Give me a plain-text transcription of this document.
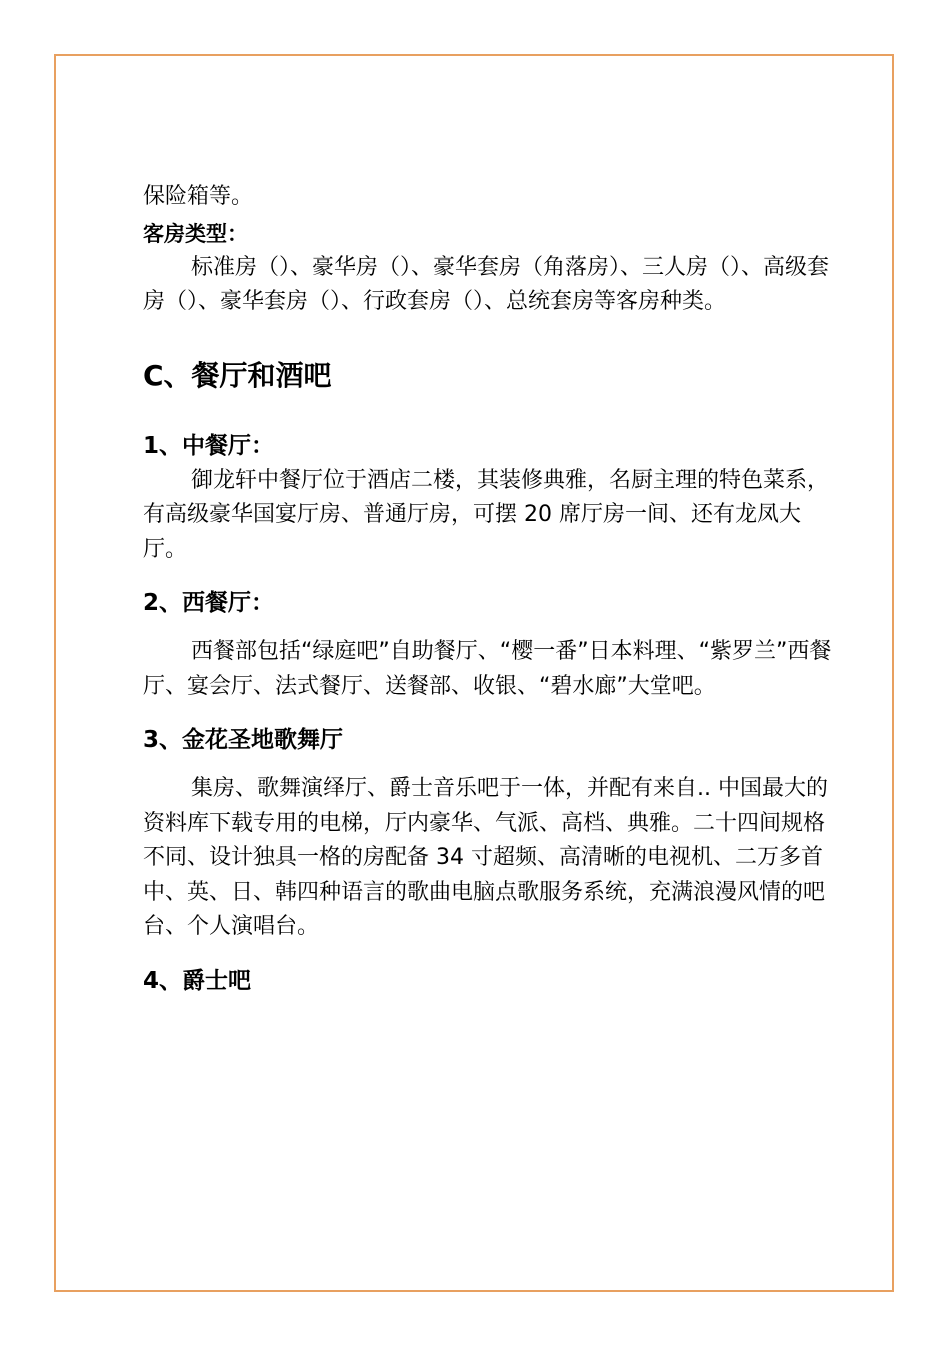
保险箱等。

客房类型：

标准房（）、豪华房（）、豪华套房（角落房）、三人房（）、高级套房（）、豪华套房（）、行政套房（）、总统套房等客房种类。

C、餐厅和酒吧
1、中餐厅：

御龙轩中餐厅位于酒店二楼，其装修典雅，名厨主理的特色菜系，有高级豪华国宴厅房、普通厅房，可摆 20 席厅房一间、还有龙凤大厅。

2、西餐厅：

西餐部包括“绿庭吧”自助餐厅、“樱一番”日本料理、“紫罗兰”西餐厅、宴会厅、法式餐厅、送餐部、收银、“碧水廊”大堂吧。

3、金花圣地歌舞厅

集房、歌舞演绎厅、爵士音乐吧于一体，并配有来自.. 中国最大的资料库下载专用的电梯，厅内豪华、气派、高档、典雅。二十四间规格不同、设计独具一格的房配备 34 寸超频、高清晰的电视机、二万多首中、英、日、韩四种语言的歌曲电脑点歌服务系统，充满浪漫风情的吧台、个人演唱台。

4、爵士吧
